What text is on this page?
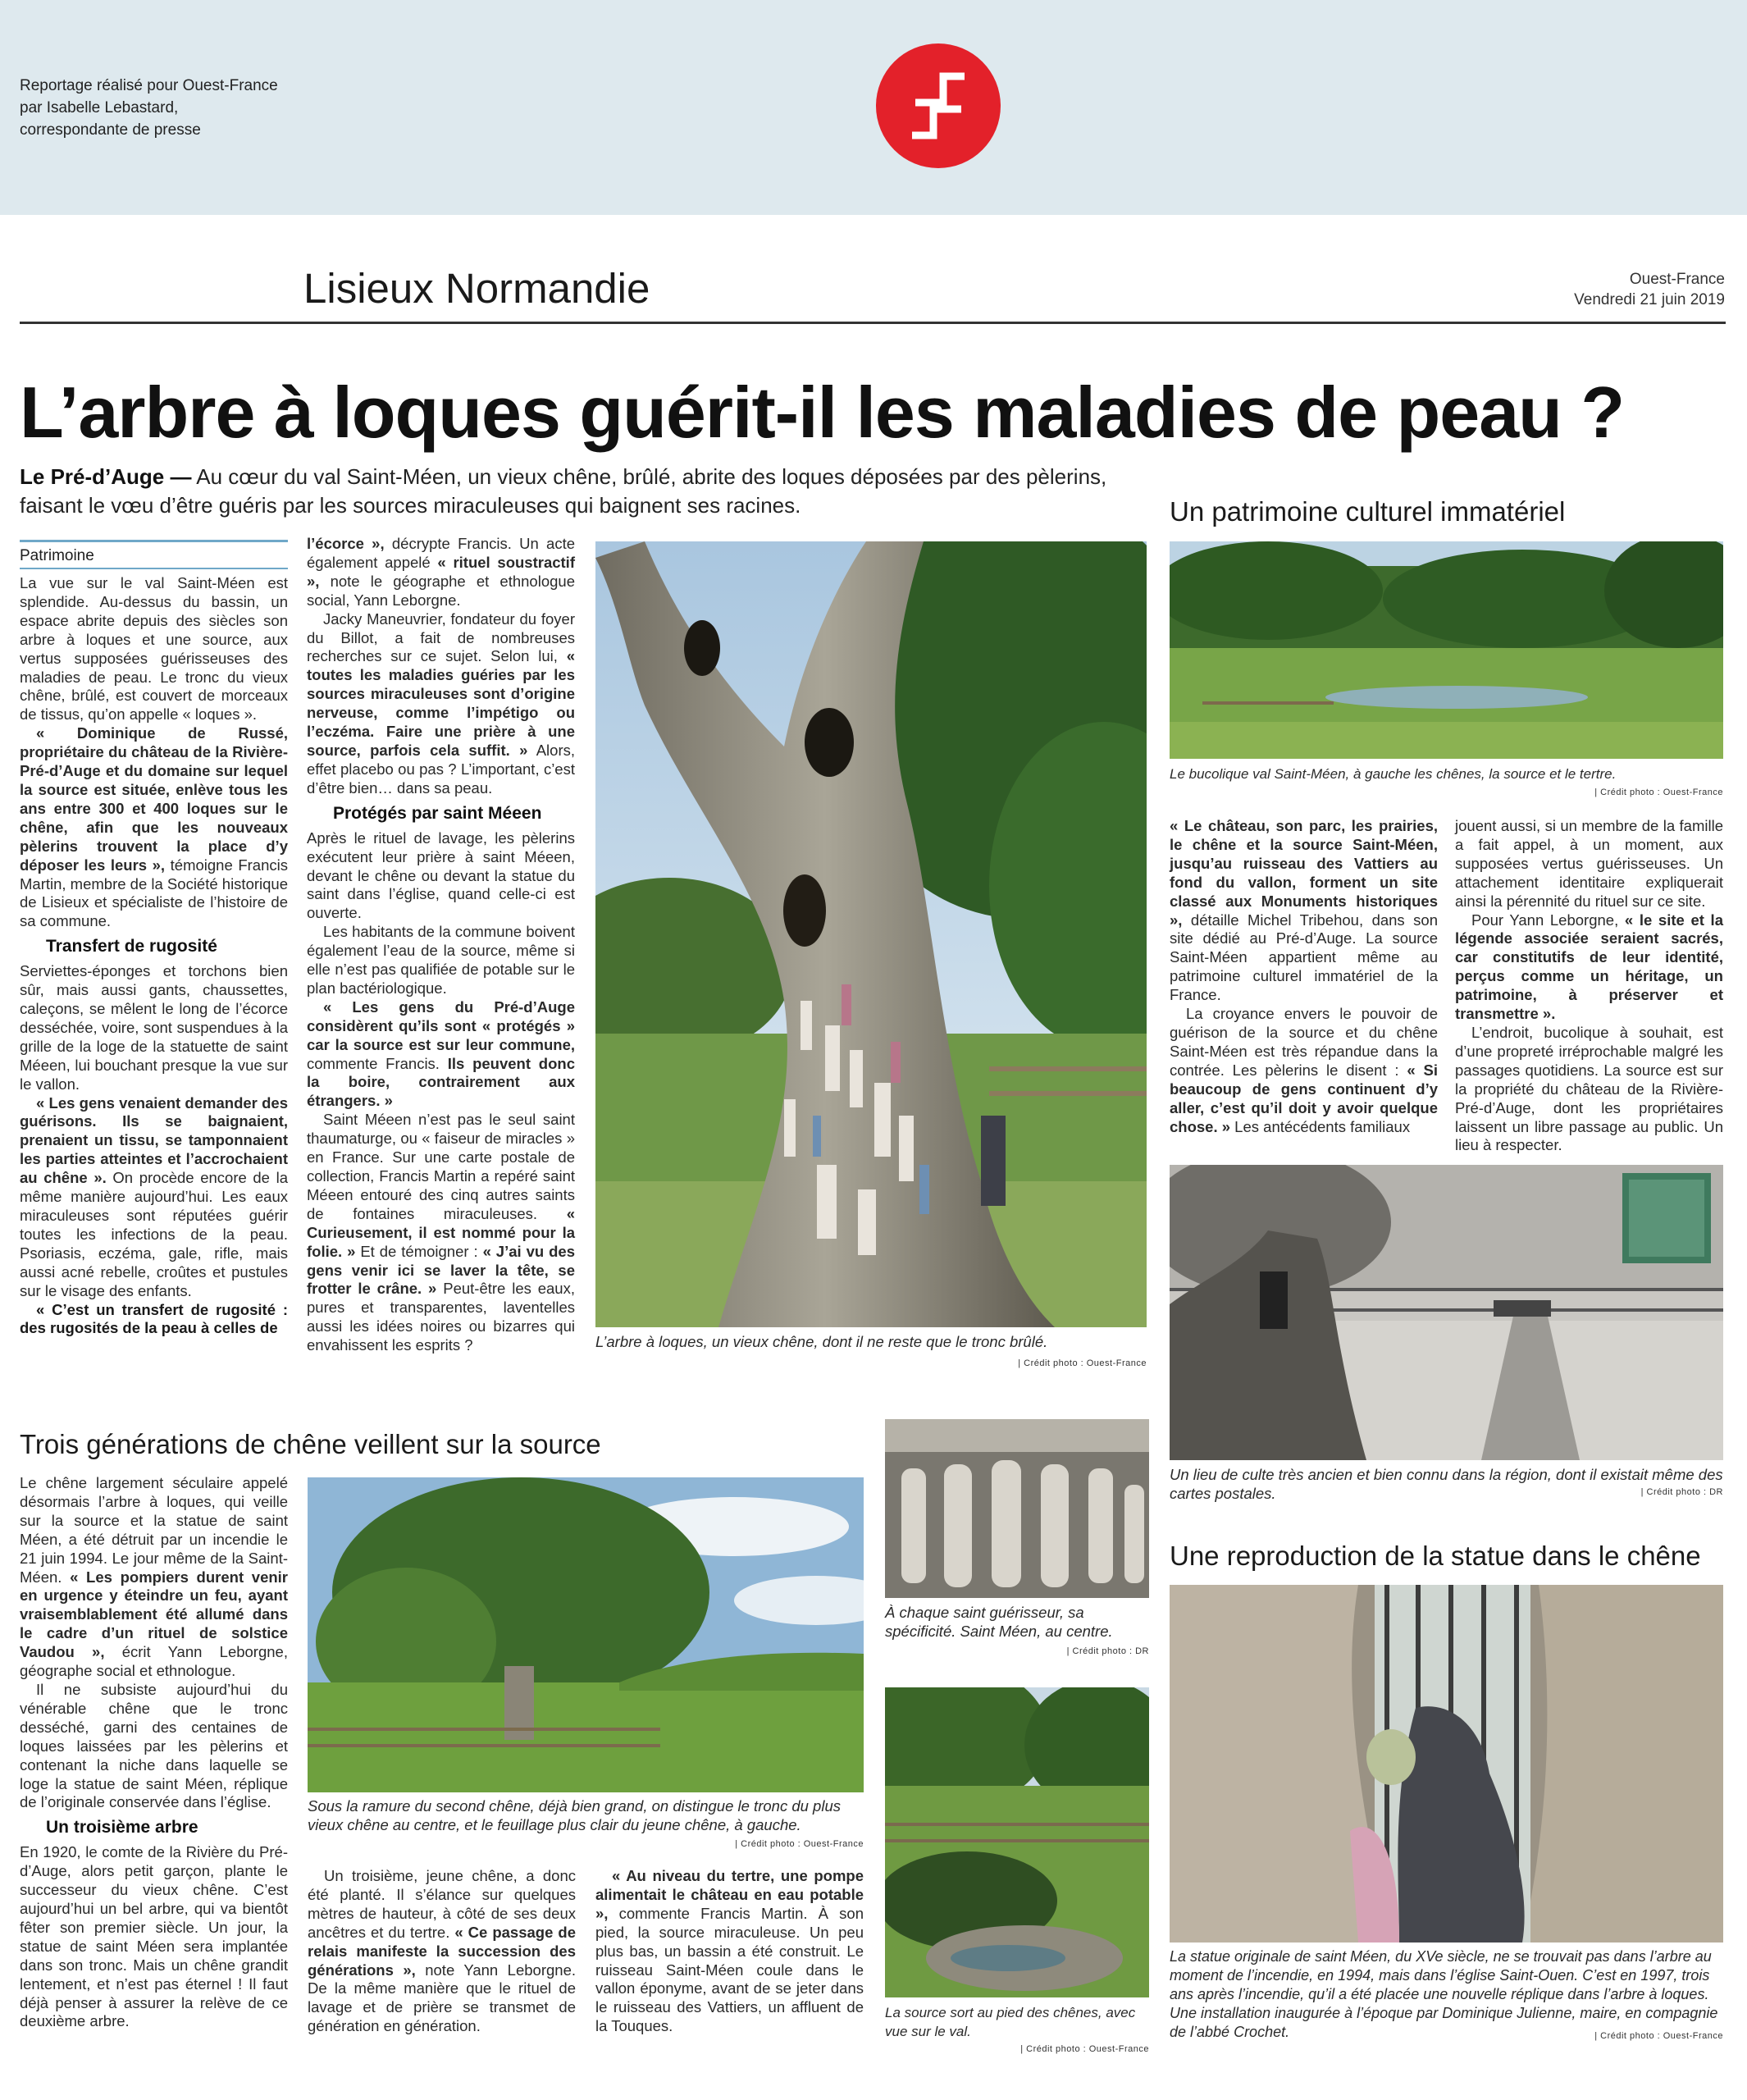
Reportage réalisé pour Ouest-France
par Isabelle Lebastard,
correspondante de presse
Lisieux Normandie	Ouest-France
Vendredi 21 juin 2019
L’arbre à loques guérit-il les maladies de peau ?
Le Pré-d’Auge — Au cœur du val Saint-Méen, un vieux chêne, brûlé, abrite des loques déposées par des pèlerins, faisant le vœu d’être guéris par les sources miraculeuses qui baignent ses racines.
Patrimoine

La vue sur le val Saint-Méen est splendide. Au-dessus du bassin, un espace abrite depuis des siècles son arbre à loques et une source, aux vertus supposées guérisseuses des maladies de peau. Le tronc du vieux chêne, brûlé, est couvert de morceaux de tissus, qu’on appelle « loques ».

« Dominique de Russé, propriétaire du château de la Rivière-Pré-d’Auge et du domaine sur lequel la source est située, enlève tous les ans entre 300 et 400 loques sur le chêne, afin que les nouveaux pèlerins trouvent la place d’y déposer les leurs », témoigne Francis Martin, membre de la Société historique de Lisieux et spécialiste de l’histoire de sa commune.

Transfert de rugosité

Serviettes-éponges et torchons bien sûr, mais aussi gants, chaussettes, caleçons, se mêlent le long de l’écorce desséchée, voire, sont suspendues à la grille de la loge de la statuette de saint Méeen, lui bouchant presque la vue sur le vallon.

« Les gens venaient demander des guérisons. Ils se baignaient, prenaient un tissu, se tamponnaient les parties atteintes et l’accrochaient au chêne ». On procède encore de la même manière aujourd’hui. Les eaux miraculeuses sont réputées guérir toutes les infections de la peau. Psoriasis, eczéma, gale, rifle, mais aussi acné rebelle, croûtes et pustules sur le visage des enfants.

« C’est un transfert de rugosité : des rugosités de la peau à celles de

l’écorce », décrypte Francis. Un acte également appelé « rituel soustractif », note le géographe et ethnologue social, Yann Leborgne.

Jacky Maneuvrier, fondateur du foyer du Billot, a fait de nombreuses recherches sur ce sujet. Selon lui, « toutes les maladies guéries par les sources miraculeuses sont d’origine nerveuse, comme l’impétigo ou l’eczéma. Faire une prière à une source, parfois cela suffit. » Alors, effet placebo ou pas ? L’important, c’est d’être bien… dans sa peau.

Protégés par saint Méeen

Après le rituel de lavage, les pèlerins exécutent leur prière à saint Méeen, devant le chêne ou devant la statue du saint dans l’église, quand celle-ci est ouverte.

Les habitants de la commune boivent également l’eau de la source, même si elle n’est pas qualifiée de potable sur le plan bactériologique.

« Les gens du Pré-d’Auge considèrent qu’ils sont « protégés » car la source est sur leur commune, commente Francis. Ils peuvent donc la boire, contrairement aux étrangers. »

Saint Méeen n’est pas le seul saint thaumaturge, ou « faiseur de miracles » en France. Sur une carte postale de collection, Francis Martin a repéré saint Méeen entouré des cinq autres saints de fontaines miraculeuses. « Curieusement, il est nommé pour la folie. » Et de témoigner : « J’ai vu des gens venir ici se laver la tête, se frotter le crâne. » Peut-être les eaux, pures et transparentes, laventelles aussi les idées noires ou bizarres qui envahissent les esprits ?	L’arbre à loques, un vieux chêne, dont il ne reste que le tronc brûlé.
| Crédit photo : Ouest-France
Un patrimoine culturel immatériel
Le bucolique val Saint-Méen, à gauche les chênes, la source et le tertre.
| Crédit photo : Ouest-France

« Le château, son parc, les prairies, le chêne et la source Saint-Méen, jusqu’au ruisseau des Vattiers au fond du vallon, forment un site classé aux Monuments historiques », détaille Michel Tribehou, dans son site dédié au Pré-d’Auge. La source Saint-Méen appartient même au patrimoine culturel immatériel de la France.

La croyance envers le pouvoir de guérison de la source et du chêne Saint-Méen est très répandue dans la contrée. Les pèlerins le disent : « Si beaucoup de gens continuent d’y aller, c’est qu’il doit y avoir quelque chose. » Les antécédents familiaux

jouent aussi, si un membre de la famille a fait appel, à un moment, aux supposées vertus guérisseuses. Un attachement identitaire expliquerait ainsi la pérennité du rituel sur ce site.

Pour Yann Leborgne, « le site et la légende associée seraient sacrés, car constitutifs de leur identité, perçus comme un héritage, un patrimoine, à préserver et transmettre ».

L’endroit, bucolique à souhait, est d’une propreté irréprochable malgré les passages quotidiens. La source est sur la propriété du château de la Rivière-Pré-d’Auge, dont les propriétaires laissent un libre passage au public. Un lieu à respecter.

Un lieu de culte très ancien et bien connu dans la région, dont il existait même des cartes postales.	| Crédit photo : DR
Trois générations de chêne veillent sur la source

Le chêne largement séculaire appelé désormais l’arbre à loques, qui veille sur la source et la statue de saint Méen, a été détruit par un incendie le 21 juin 1994. Le jour même de la Saint-Méen. « Les pompiers durent venir en urgence y éteindre un feu, ayant vraisemblablement été allumé dans le cadre d’un rituel de solstice Vaudou », écrit Yann Leborgne, géographe social et ethnologue.

Il ne subsiste aujourd’hui du vénérable chêne que le tronc desséché, garni des centaines de loques laissées par les pèlerins et contenant la niche dans laquelle se loge la statue de saint Méen, réplique de l’originale conservée dans l’église.

Un troisième arbre

En 1920, le comte de la Rivière du Pré-d’Auge, alors petit garçon, plante le successeur du vieux chêne. C’est aujourd’hui un bel arbre, qui va bientôt fêter son premier siècle. Un jour, la statue de saint Méen sera implantée dans son tronc. Mais un chêne grandit lentement, et n’est pas éternel ! Il faut déjà penser à assurer la relève de ce deuxième arbre.

Sous la ramure du second chêne, déjà bien grand, on distingue le tronc du plus vieux chêne au centre, et le feuillage plus clair du jeune chêne, à gauche.
| Crédit photo : Ouest-France

Un troisième, jeune chêne, a donc été planté. Il s’élance sur quelques mètres de hauteur, à côté de ses deux ancêtres et du tertre. « Ce passage de relais manifeste la succession des générations », note Yann Leborgne. De la même manière que le rituel de lavage et de prière se transmet de génération en génération.

« Au niveau du tertre, une pompe alimentait le château en eau potable », commente Francis Martin. À son pied, la source miraculeuse. Un peu plus bas, un bassin a été construit. Le ruisseau Saint-Méen coule dans le vallon éponyme, avant de se jeter dans le ruisseau des Vattiers, un affluent de la Touques.

À chaque saint guérisseur, sa spécificité. Saint Méen, au centre.
| Crédit photo : DR
La source sort au pied des chênes, avec vue sur le val.
| Crédit photo : Ouest-France
Une reproduction de la statue dans le chêne
La statue originale de saint Méen, du XVe siècle, ne se trouvait pas dans l’arbre au moment de l’incendie, en 1994, mais dans l’église Saint-Ouen. C’est en 1997, trois ans après l’incendie, qu’il a été placée une nouvelle réplique dans l’arbre à loques. Une installation inaugurée à l’époque par Dominique Julienne, maire, en compagnie de l’abbé Crochet.	| Crédit photo : Ouest-France
